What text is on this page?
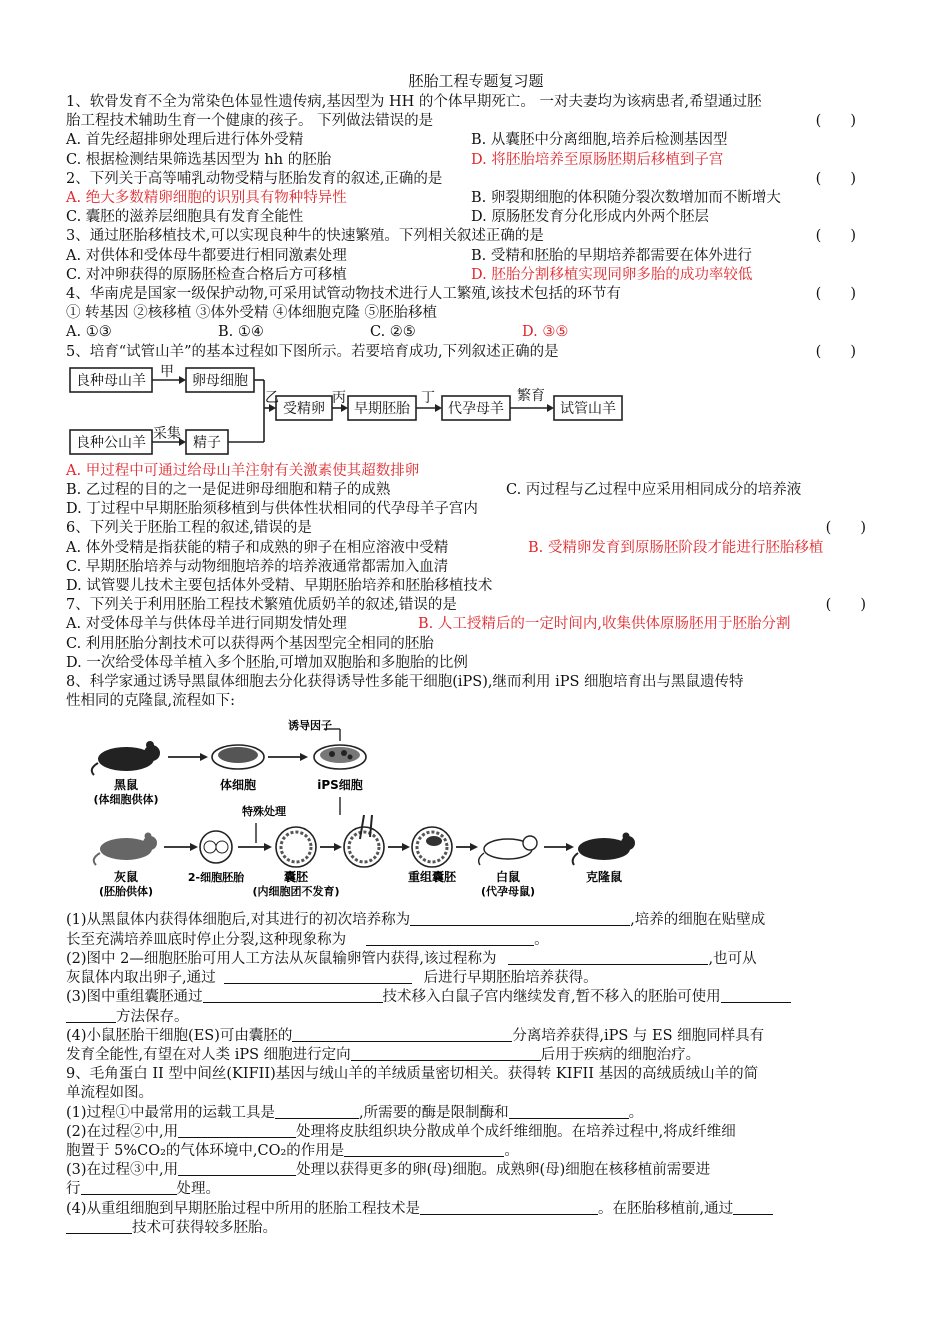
胚胎工程专题复习题
1、软骨发育不全为常染色体显性遗传病,基因型为 HH 的个体早期死亡。 一对夫妻均为该病患者,希望通过胚
胎工程技术辅助生育一个健康的孩子。 下列做法错误的是	(　　)
A. 首先经超排卵处理后进行体外受精	B. 从囊胚中分离细胞,培养后检测基因型
C. 根据检测结果筛选基因型为 hh 的胚胎	D. 将胚胎培养至原肠胚期后移植到子宫
2、下列关于高等哺乳动物受精与胚胎发育的叙述,正确的是	(　　)
A. 绝大多数精卵细胞的识别具有物种特异性	B. 卵裂期细胞的体积随分裂次数增加而不断增大
C. 囊胚的滋养层细胞具有发育全能性	D. 原肠胚发育分化形成内外两个胚层
3、通过胚胎移植技术,可以实现良种牛的快速繁殖。下列相关叙述正确的是	(　　)
A. 对供体和受体母牛都要进行相同激素处理	B. 受精和胚胎的早期培养都需要在体外进行
C. 对冲卵获得的原肠胚检查合格后方可移植	D. 胚胎分割移植实现同卵多胎的成功率较低
4、华南虎是国家一级保护动物,可采用试管动物技术进行人工繁殖,该技术包括的环节有	(　　)
① 转基因 ②核移植 ③体外受精 ④体细胞克隆 ⑤胚胎移植
A. ①③	B. ①④	C. ②⑤	D. ③⑤
5、培育“试管山羊”的基本过程如下图所示。若要培育成功,下列叙述正确的是	(　　)
良种母山羊
甲
卵母细胞
良种公山羊
采集
精子
乙
受精卵
丙
早期胚胎
丁
代孕母羊
繁育
试管山羊
A. 甲过程中可通过给母山羊注射有关激素使其超数排卵
B. 乙过程的目的之一是促进卵母细胞和精子的成熟	C. 丙过程与乙过程中应采用相同成分的培养液
D. 丁过程中早期胚胎须移植到与供体性状相同的代孕母羊子宫内
6、下列关于胚胎工程的叙述,错误的是	(　　)
A. 体外受精是指获能的精子和成熟的卵子在相应溶液中受精	B. 受精卵发育到原肠胚阶段才能进行胚胎移植
C. 早期胚胎培养与动物细胞培养的培养液通常都需加入血清
D. 试管婴儿技术主要包括体外受精、早期胚胎培养和胚胎移植技术
7、下列关于利用胚胎工程技术繁殖优质奶羊的叙述,错误的是	(　　)
A. 对受体母羊与供体母羊进行同期发情处理	B. 人工授精后的一定时间内,收集供体原肠胚用于胚胎分割
C. 利用胚胎分割技术可以获得两个基因型完全相同的胚胎
D. 一次给受体母羊植入多个胚胎,可增加双胞胎和多胞胎的比例
8、科学家通过诱导黑鼠体细胞去分化获得诱导性多能干细胞(iPS),继而利用 iPS 细胞培育出与黑鼠遗传特
性相同的克隆鼠,流程如下:
黑鼠
(体细胞供体)
体细胞
诱导因子
iPS细胞
灰鼠
(胚胎供体)
2-细胞胚胎
特殊处理
囊胚
(内细胞团不发育)
重组囊胚	白鼠
(代孕母鼠)
克隆鼠
(1)从黑鼠体内获得体细胞后,对其进行的初次培养称为	,培养的细胞在贴壁成
长至充满培养皿底时停止分裂,这种现象称为	。
(2)图中 2—细胞胚胎可用人工方法从灰鼠输卵管内获得,该过程称为	,也可从
灰鼠体内取出卵子,通过	后进行早期胚胎培养获得。
(3)图中重组囊胚通过	技术移入白鼠子宫内继续发育,暂不移入的胚胎可使用
方法保存。
(4)小鼠胚胎干细胞(ES)可由囊胚的	分离培养获得,iPS 与 ES 细胞同样具有
发育全能性,有望在对人类 iPS 细胞进行定向	后用于疾病的细胞治疗。
9、毛角蛋白 II 型中间丝(KIFII)基因与绒山羊的羊绒质量密切相关。获得转 KIFII 基因的高绒质绒山羊的简
单流程如图。
(1)过程①中最常用的运载工具是	,所需要的酶是限制酶和	。
(2)在过程②中,用	处理将皮肤组织块分散成单个成纤维细胞。在培养过程中,将成纤维细
胞置于 5%CO₂的气体环境中,CO₂的作用是	。
(3)在过程③中,用	处理以获得更多的卵(母)细胞。成熟卵(母)细胞在核移植前需要进
行	处理。
(4)从重组细胞到早期胚胎过程中所用的胚胎工程技术是	。在胚胎移植前,通过
技术可获得较多胚胎。
